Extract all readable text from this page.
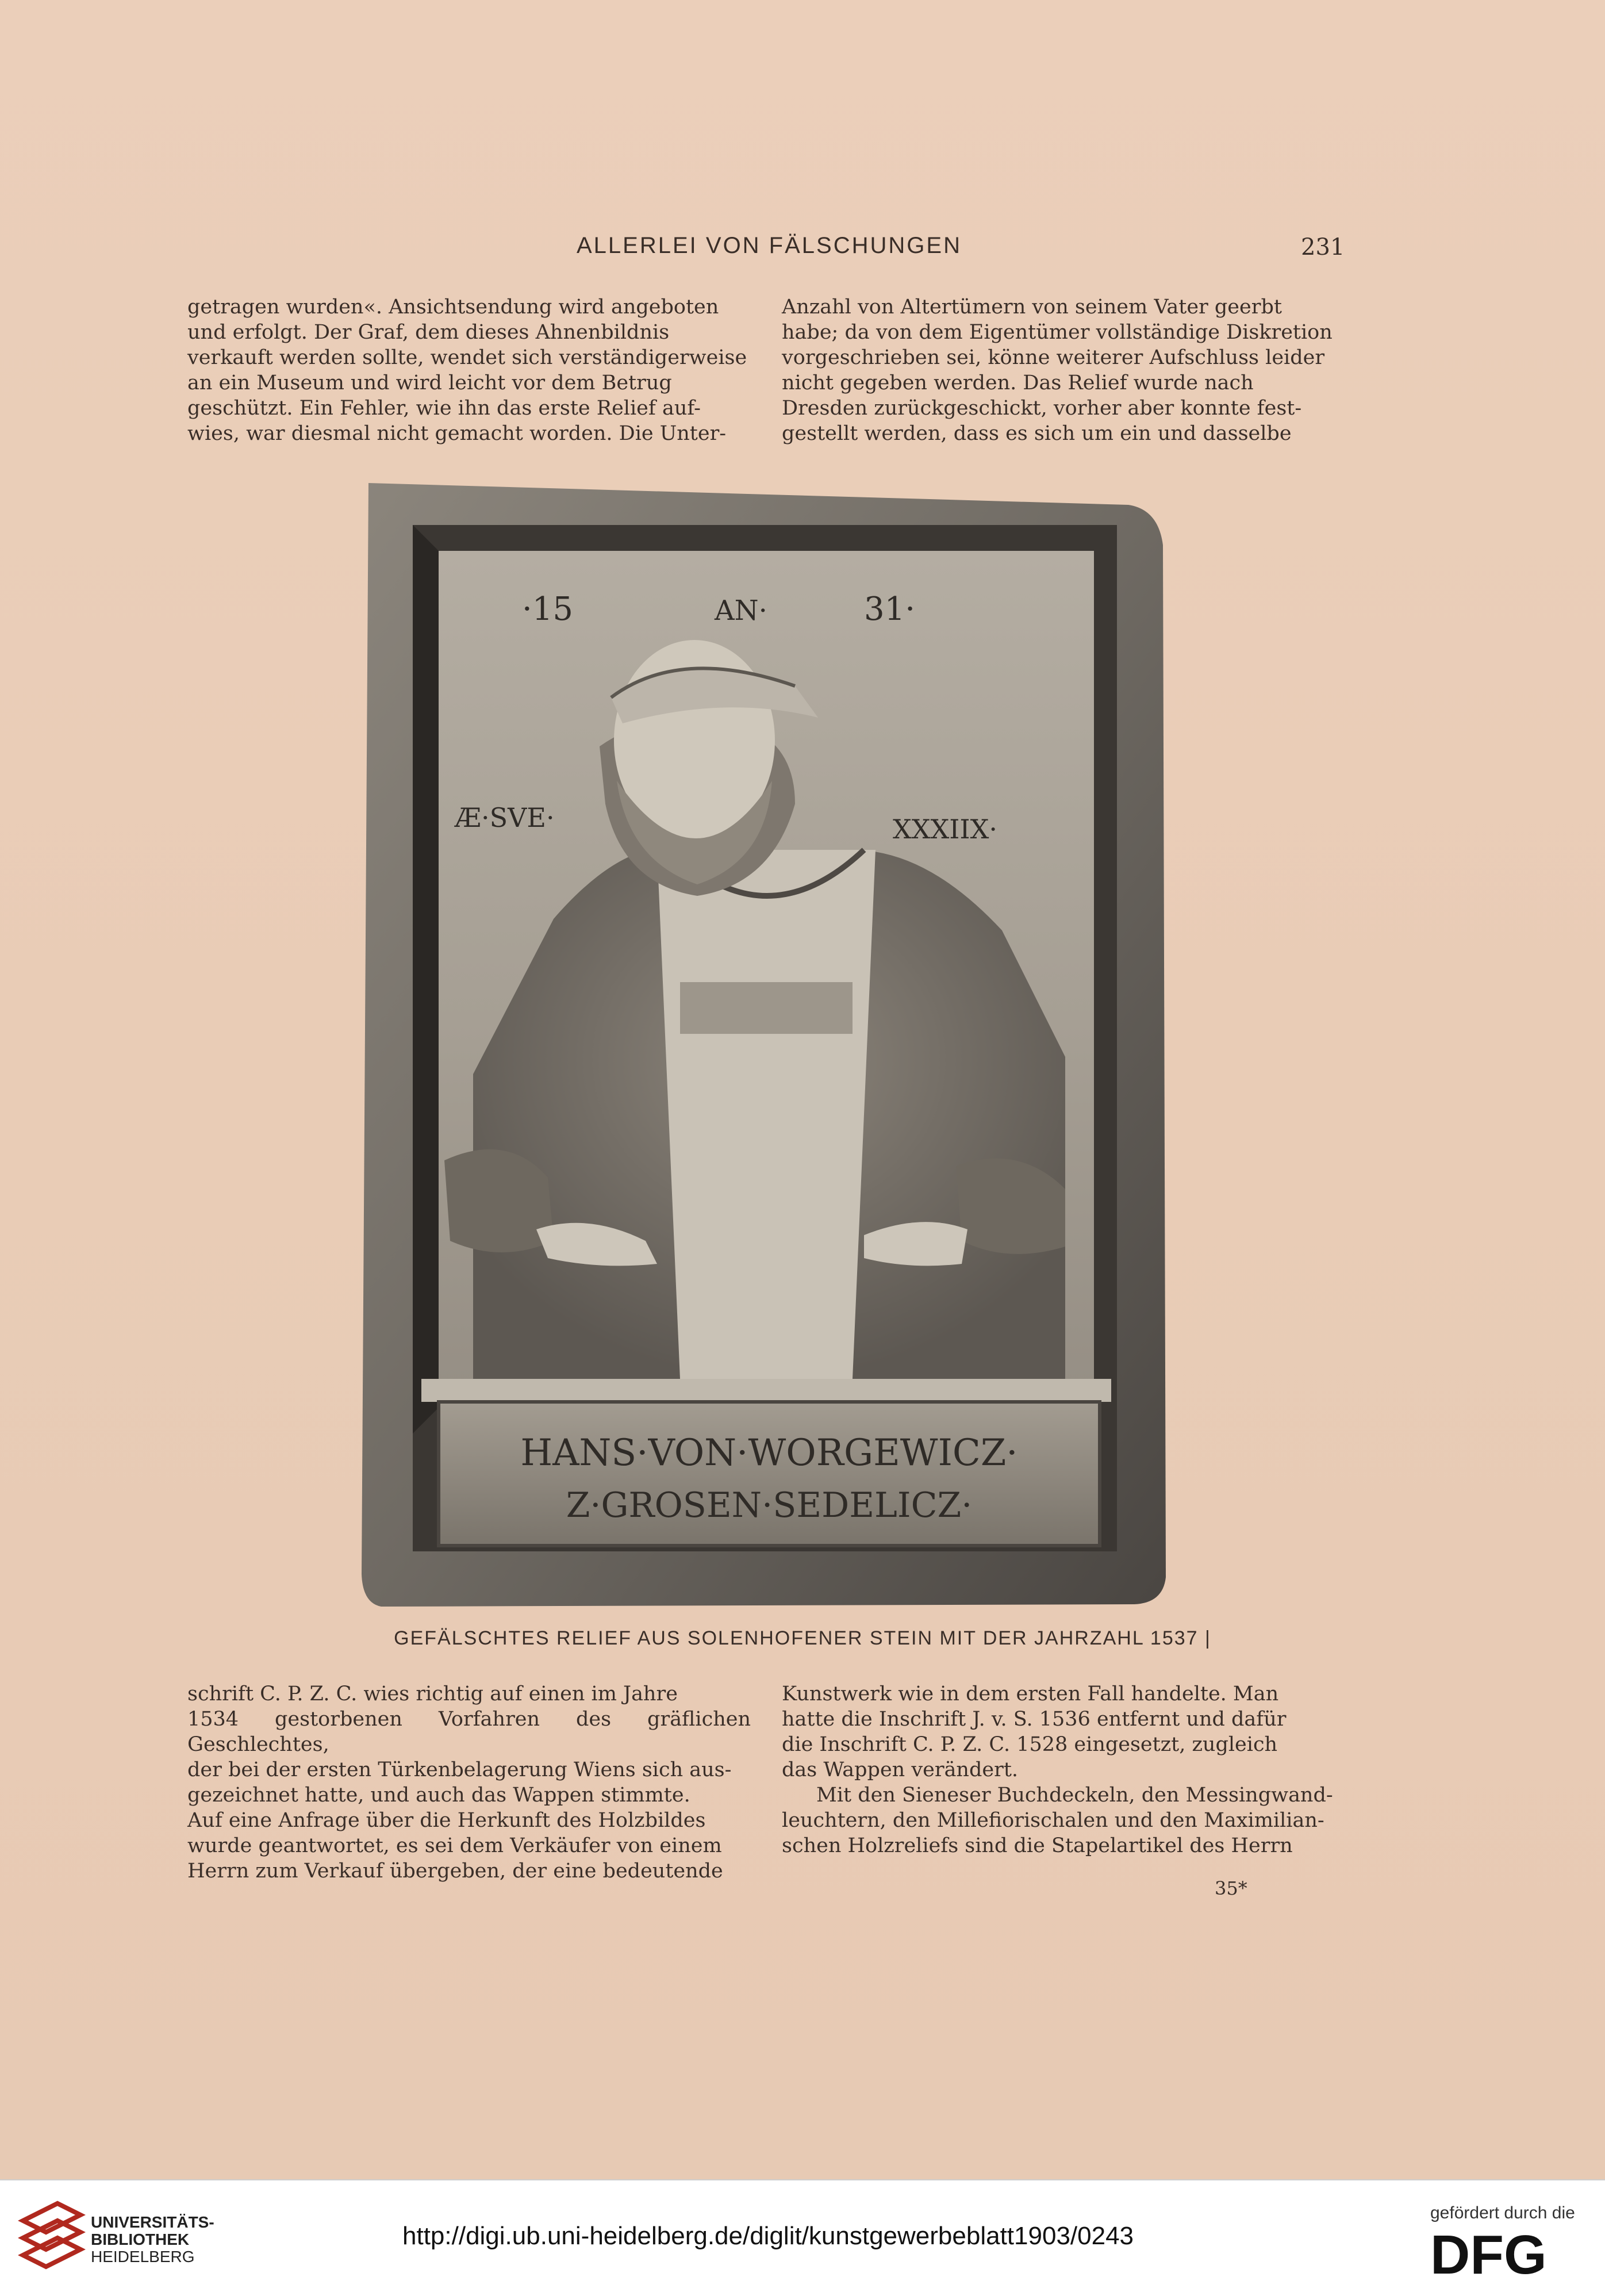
ALLERLEI VON FÄLSCHUNGEN	231

getragen wurden«. Ansichtsendung wird angeboten

und erfolgt. Der Graf, dem dieses Ahnenbildnis

verkauft werden sollte, wendet sich verständigerweise

an ein Museum und wird leicht vor dem Betrug

geschützt. Ein Fehler, wie ihn das erste Relief auf-

wies, war diesmal nicht gemacht worden. Die Unter-

Anzahl von Altertümern von seinem Vater geerbt

habe; da von dem Eigentümer vollständige Diskretion

vorgeschrieben sei, könne weiterer Aufschluss leider

nicht gegeben werden. Das Relief wurde nach

Dresden zurückgeschickt, vorher aber konnte fest-

gestellt werden, dass es sich um ein und dasselbe

·15	AN·	31·
Æ·SVE·	XXXIIX·
HANS·VON·WORGEWICZ·
Z·GROSEN·SEDELICZ·
GEFÄLSCHTES RELIEF AUS SOLENHOFENER STEIN MIT DER JAHRZAHL 1537 |

schrift C. P. Z. C. wies richtig auf einen im Jahre

1534 gestorbenen Vorfahren des gräflichen Geschlechtes,

der bei der ersten Türkenbelagerung Wiens sich aus-

gezeichnet hatte, und auch das Wappen stimmte.

Auf eine Anfrage über die Herkunft des Holzbildes

wurde geantwortet, es sei dem Verkäufer von einem

Herrn zum Verkauf übergeben, der eine bedeutende

Kunstwerk wie in dem ersten Fall handelte. Man

hatte die Inschrift J. v. S. 1536 entfernt und dafür

die Inschrift C. P. Z. C. 1528 eingesetzt, zugleich

das Wappen verändert.

Mit den Sieneser Buchdeckeln, den Messingwand-

leuchtern, den Millefiorischalen und den Maximilian-

schen Holzreliefs sind die Stapelartikel des Herrn

35*
UNIVERSITÄTS-
BIBLIOTHEK
HEIDELBERG
http://digi.ub.uni-heidelberg.de/diglit/kunstgewerbeblatt1903/0243
gefördert durch die
DFG
